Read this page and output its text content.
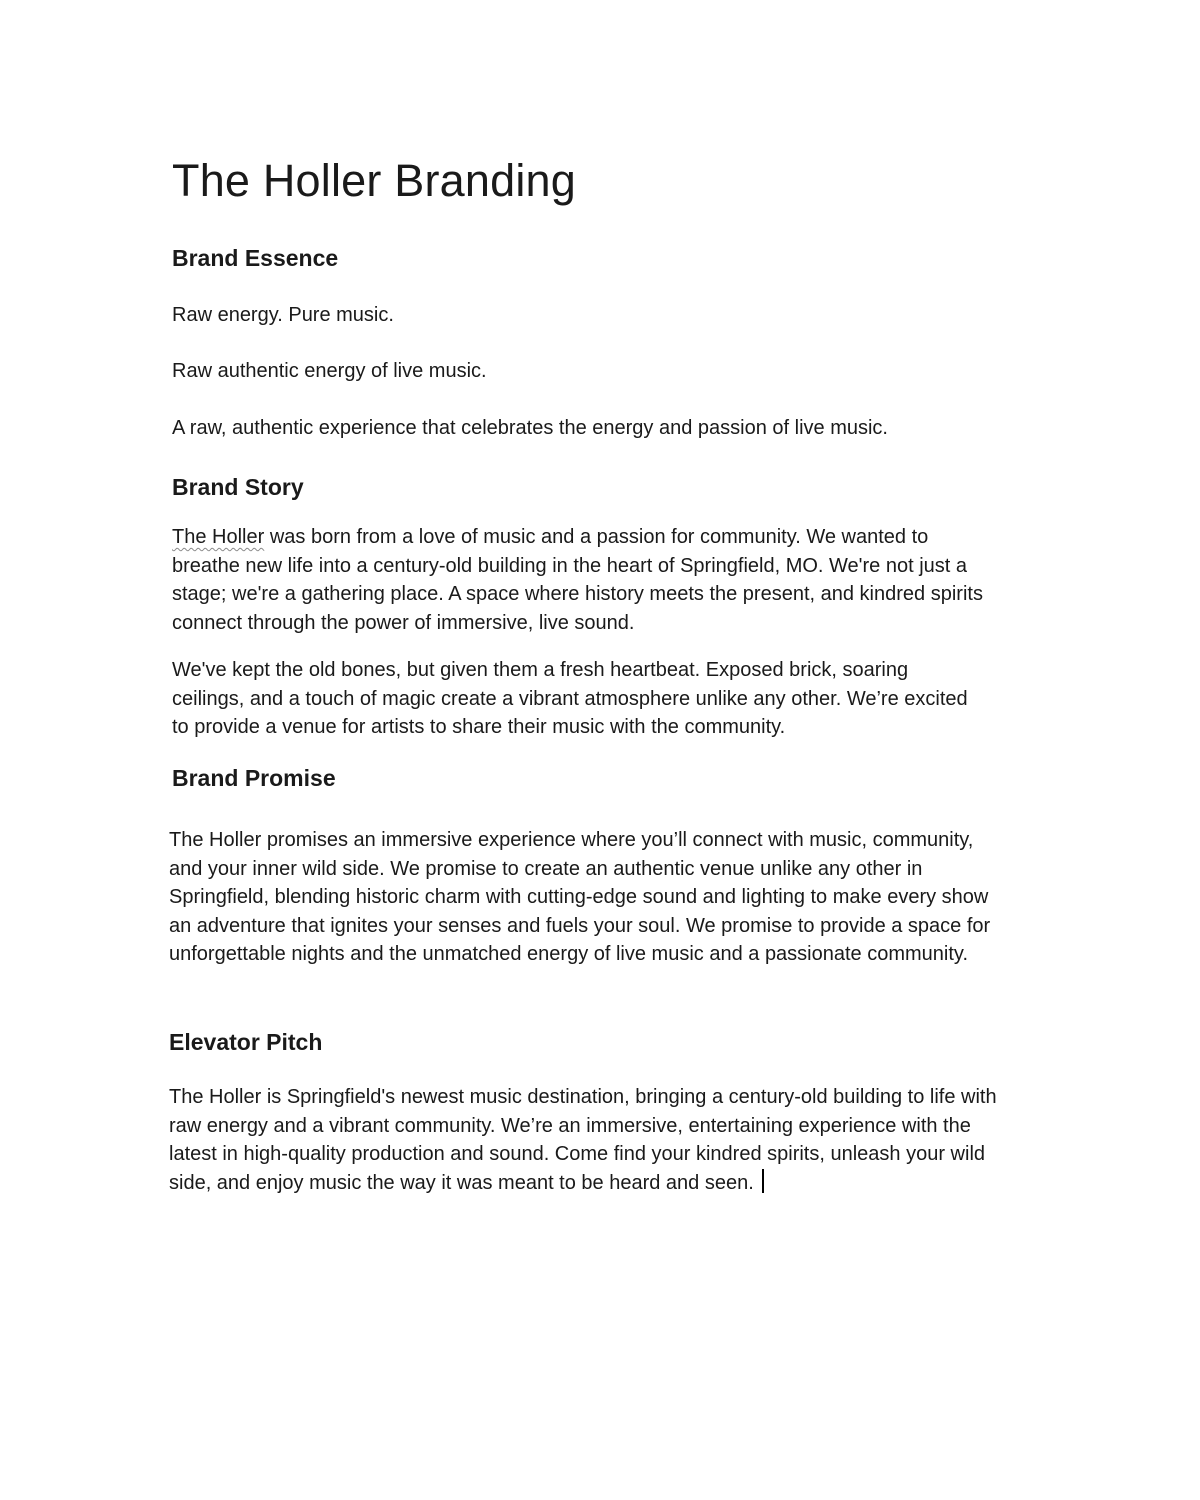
The Holler Branding
Brand Essence

Raw energy. Pure music.

Raw authentic energy of live music.

A raw, authentic experience that celebrates the energy and passion of live music.

Brand Story

The Holler was born from a love of music and a passion for community. We wanted to breathe new life into a century-old building in the heart of Springfield, MO. We're not just a stage; we're a gathering place. A space where history meets the present, and kindred spirits connect through the power of immersive, live sound.

We've kept the old bones, but given them a fresh heartbeat. Exposed brick, soaring ceilings, and a touch of magic create a vibrant atmosphere unlike any other. We’re excited to provide a venue for artists to share their music with the community.

Brand Promise

The Holler promises an immersive experience where you’ll connect with music, community, and your inner wild side. We promise to create an authentic venue unlike any other in Springfield, blending historic charm with cutting-edge sound and lighting to make every show an adventure that ignites your senses and fuels your soul. We promise to provide a space for unforgettable nights and the unmatched energy of live music and a passionate community.

Elevator Pitch

The Holler is Springfield's newest music destination, bringing a century-old building to life with raw energy and a vibrant community. We’re an immersive, entertaining experience with the latest in high-quality production and sound. Come find your kindred spirits, unleash your wild side, and enjoy music the way it was meant to be heard and seen.
